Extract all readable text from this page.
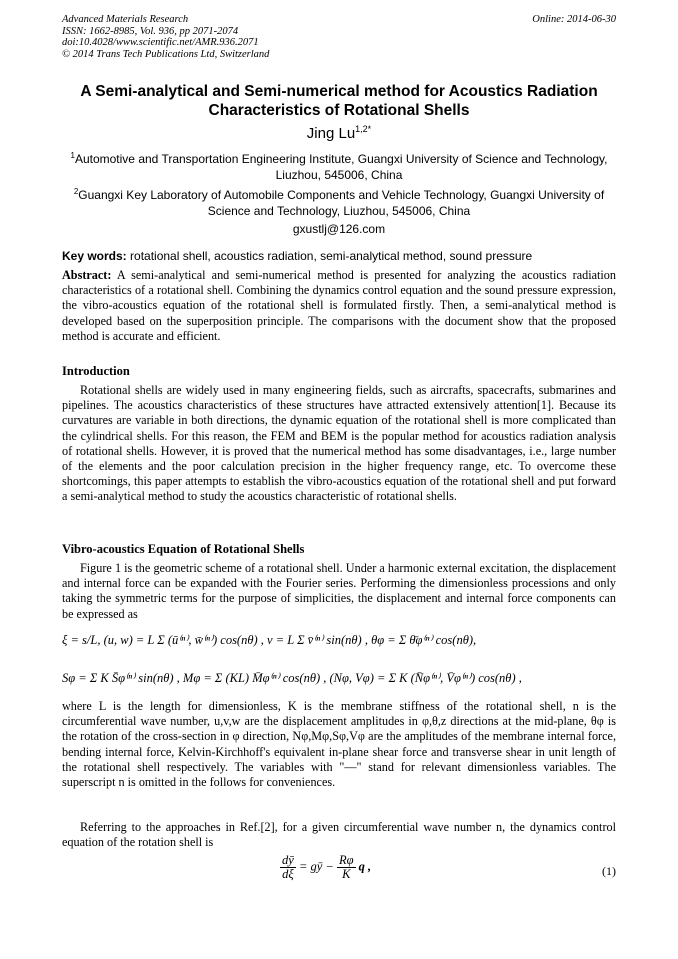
Advanced Materials Research
ISSN: 1662-8985, Vol. 936, pp 2071-2074
doi:10.4028/www.scientific.net/AMR.936.2071
© 2014 Trans Tech Publications Ltd, Switzerland
Online: 2014-06-30
A Semi-analytical and Semi-numerical method for Acoustics Radiation Characteristics of Rotational Shells
Jing $Lu^{1,2*}$
$^1$Automotive and Transportation Engineering Institute, Guangxi University of Science and Technology, Liuzhou, 545006, China
$^2$Guangxi Key Laboratory of Automobile Components and Vehicle Technology, Guangxi University of Science and Technology, Liuzhou, 545006, China
gxustlj@126.com
Key words: rotational shell, acoustics radiation, semi-analytical method, sound pressure
Abstract: A semi-analytical and semi-numerical method is presented for analyzing the acoustics radiation characteristics of a rotational shell. Combining the dynamics control equation and the sound pressure expression, the vibro-acoustics equation of the rotational shell is formulated firstly. Then, a semi-analytical method is developed based on the superposition principle. The comparisons with the document show that the proposed method is accurate and efficient.
Introduction
Rotational shells are widely used in many engineering fields, such as aircrafts, spacecrafts, submarines and pipelines. The acoustics characteristics of these structures have attracted extensively attention[1]. Because its curvatures are variable in both directions, the dynamic equation of the rotational shell is more complicated than the cylindrical shells. For this reason, the FEM and BEM is the popular method for acoustics radiation analysis of rotational shells. However, it is proved that the numerical method has some disadvantages, i.e., large number of the elements and the poor calculation precision in the higher frequency range, etc. To overcome these shortcomings, this paper attempts to establish the vibro-acoustics equation of the rotational shell and put forward a semi-analytical method to study the acoustics characteristic of rotational shells.
Vibro-acoustics Equation of Rotational Shells
Figure 1 is the geometric scheme of a rotational shell. Under a harmonic external excitation, the displacement and internal force can be expanded with the Fourier series. Performing the dimensionless processions and only taking the symmetric terms for the purpose of simplicities, the displacement and internal force components can be expressed as
ξ = s/L, (u, w) = L Σ (ū⁽ⁿ⁾, w̄⁽ⁿ⁾) cos(nθ) , v = L Σ v̄⁽ⁿ⁾ sin(nθ) , θφ = Σ θ̄φ⁽ⁿ⁾ cos(nθ),
Sφ = Σ K S̄φ⁽ⁿ⁾ sin(nθ) , Mφ = Σ (KL) M̄φ⁽ⁿ⁾ cos(nθ) , (Nφ, Vφ) = Σ K (N̄φ⁽ⁿ⁾, V̄φ⁽ⁿ⁾) cos(nθ) ,
where L is the length for dimensionless, K is the membrane stiffness of the rotational shell, n is the circumferential wave number, u,v,w are the displacement amplitudes in φ,θ,z directions at the mid-plane, θφ is the rotation of the cross-section in φ direction, Nφ,Mφ,Sφ,Vφ are the amplitudes of the membrane internal force, bending internal force, Kelvin-Kirchhoff's equivalent in-plane shear force and transverse shear in unit length of the rotational shell respectively. The variables with "—" stand for relevant dimensionless variables. The superscript n is omitted in the follows for conveniences.
Referring to the approaches in Ref.[2], for a given circumferential wave number n, the dynamics control equation of the rotation shell is
$\frac{dȳ}{d\xi}$ = gȳ − $\frac{R\varphi}{K}$ q ,	(1)
